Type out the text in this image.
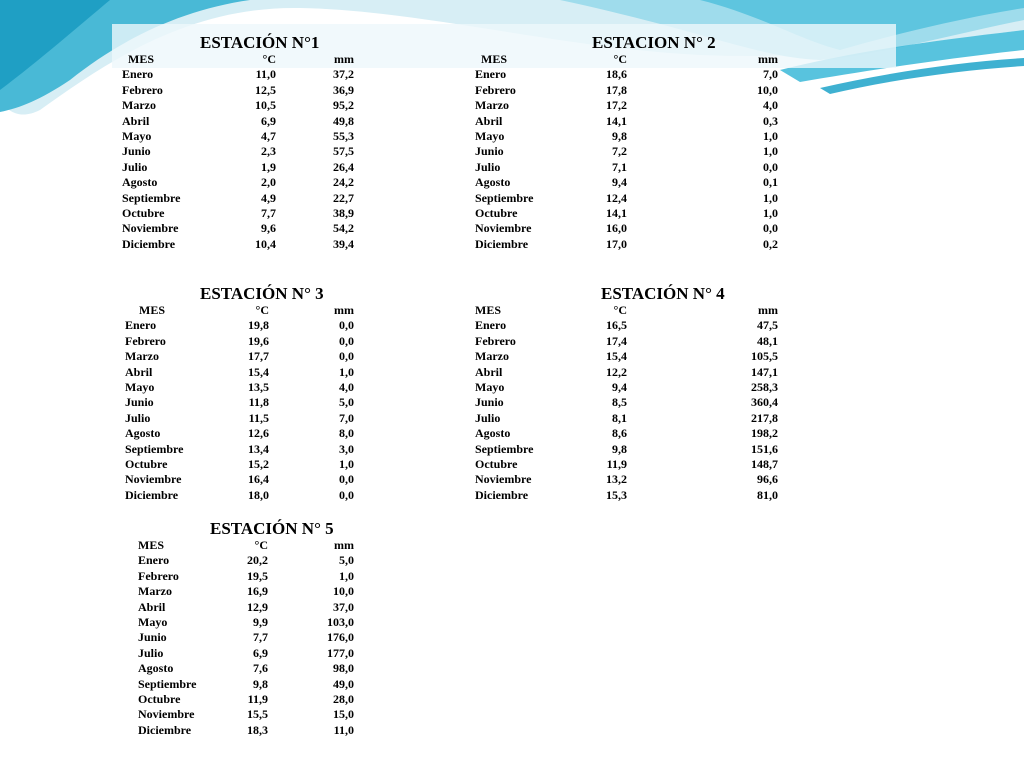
ESTACIÓN N°1
MES	°C	mm
Enero	11,0	37,2
Febrero	12,5	36,9
Marzo	10,5	95,2
Abril	6,9	49,8
Mayo	4,7	55,3
Junio	2,3	57,5
Julio	1,9	26,4
Agosto	2,0	24,2
Septiembre	4,9	22,7
Octubre	7,7	38,9
Noviembre	9,6	54,2
Diciembre	10,4	39,4
ESTACION N° 2
MES	°C	mm
Enero	18,6	7,0
Febrero	17,8	10,0
Marzo	17,2	4,0
Abril	14,1	0,3
Mayo	9,8	1,0
Junio	7,2	1,0
Julio	7,1	0,0
Agosto	9,4	0,1
Septiembre	12,4	1,0
Octubre	14,1	1,0
Noviembre	16,0	0,0
Diciembre	17,0	0,2
ESTACIÓN N° 3
MES	°C	mm
Enero	19,8	0,0
Febrero	19,6	0,0
Marzo	17,7	0,0
Abril	15,4	1,0
Mayo	13,5	4,0
Junio	11,8	5,0
Julio	11,5	7,0
Agosto	12,6	8,0
Septiembre	13,4	3,0
Octubre	15,2	1,0
Noviembre	16,4	0,0
Diciembre	18,0	0,0
ESTACIÓN N° 4
MES	°C	mm
Enero	16,5	47,5
Febrero	17,4	48,1
Marzo	15,4	105,5
Abril	12,2	147,1
Mayo	9,4	258,3
Junio	8,5	360,4
Julio	8,1	217,8
Agosto	8,6	198,2
Septiembre	9,8	151,6
Octubre	11,9	148,7
Noviembre	13,2	96,6
Diciembre	15,3	81,0
ESTACIÓN N° 5
MES	°C	mm
Enero	20,2	5,0
Febrero	19,5	1,0
Marzo	16,9	10,0
Abril	12,9	37,0
Mayo	9,9	103,0
Junio	7,7	176,0
Julio	6,9	177,0
Agosto	7,6	98,0
Septiembre	9,8	49,0
Octubre	11,9	28,0
Noviembre	15,5	15,0
Diciembre	18,3	11,0
